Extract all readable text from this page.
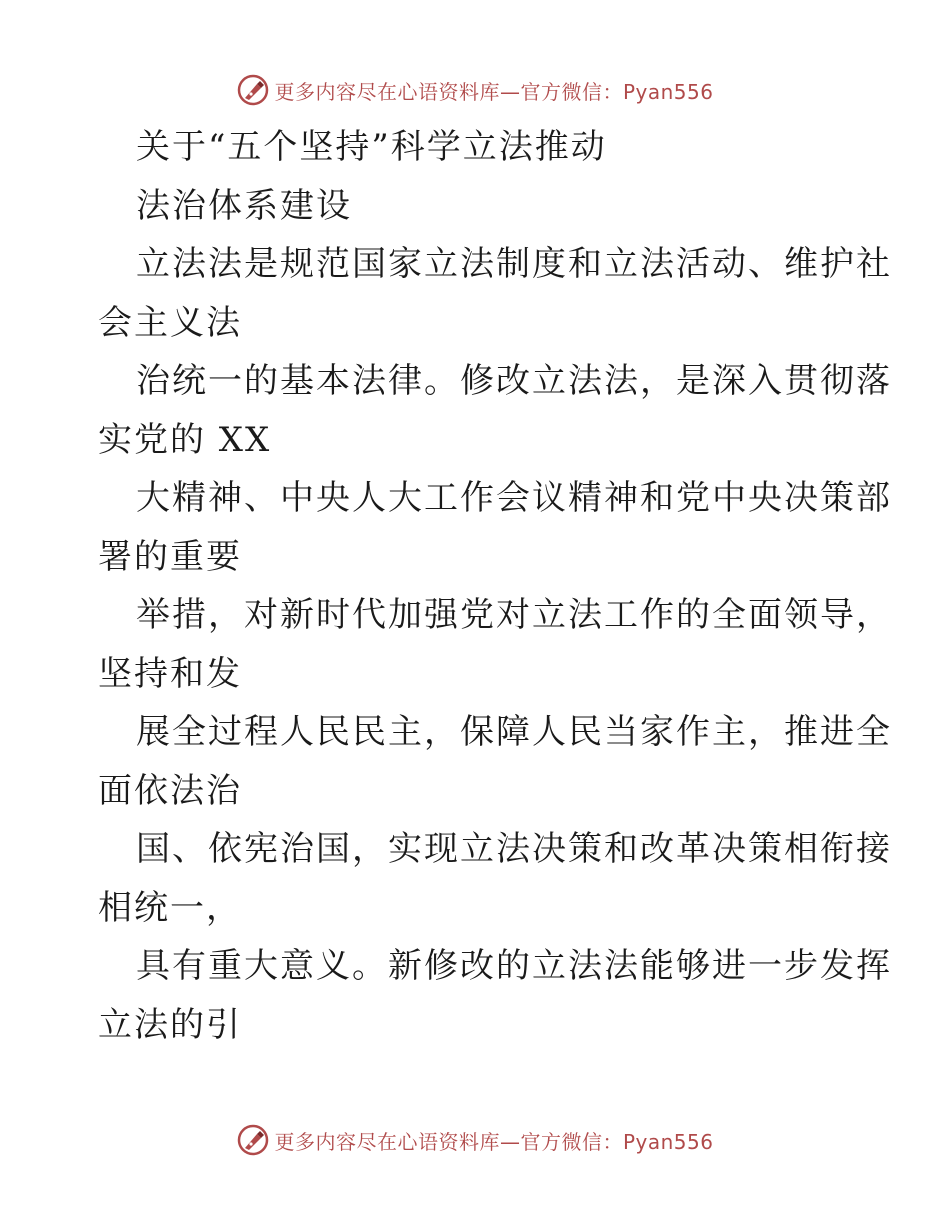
更多内容尽在心语资料库—官方微信：Pyan556
关于“五个坚持”科学立法推动
法治体系建设
立法法是规范国家立法制度和立法活动、维护社
会主义法
治统一的基本法律。修改立法法，是深入贯彻落
实党的 XX
大精神、中央人大工作会议精神和党中央决策部
署的重要
举措，对新时代加强党对立法工作的全面领导，
坚持和发
展全过程人民民主，保障人民当家作主，推进全
面依法治
国、依宪治国，实现立法决策和改革决策相衔接
相统一，
具有重大意义。新修改的立法法能够进一步发挥
立法的引
更多内容尽在心语资料库—官方微信：Pyan556
